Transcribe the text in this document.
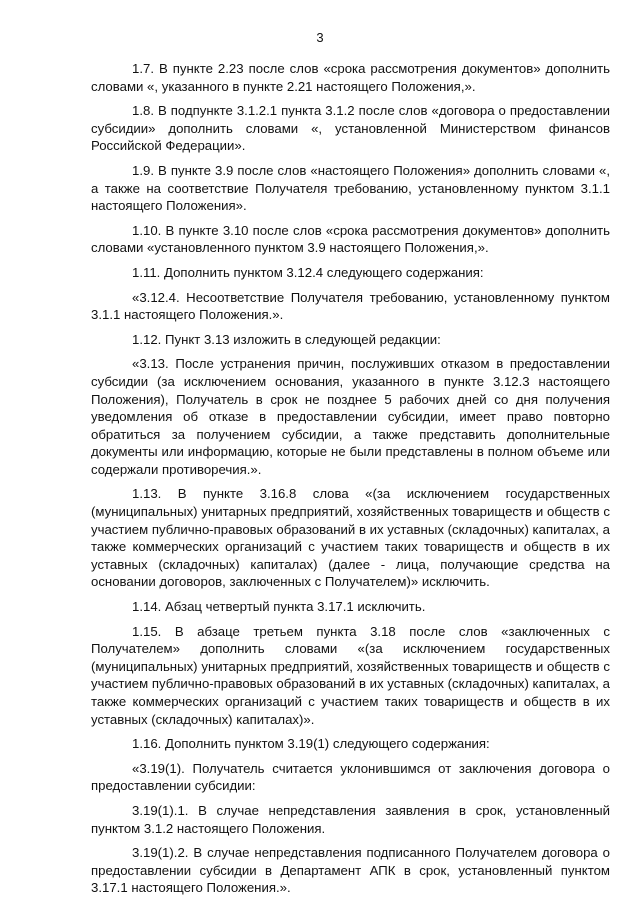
3

1.7. В пункте 2.23 после слов «срока рассмотрения документов» дополнить словами «, указанного в пункте 2.21 настоящего Положения,».

1.8. В подпункте 3.1.2.1 пункта 3.1.2 после слов «договора о предоставлении субсидии» дополнить словами «, установленной Министерством финансов Российской Федерации».

1.9. В пункте 3.9 после слов «настоящего Положения» дополнить словами «, а также на соответствие Получателя требованию, установленному пунктом 3.1.1 настоящего Положения».

1.10. В пункте 3.10 после слов «срока рассмотрения документов» дополнить словами «установленного пунктом 3.9 настоящего Положения,».

1.11. Дополнить пунктом 3.12.4 следующего содержания:

«3.12.4. Несоответствие Получателя требованию, установленному пунктом 3.1.1 настоящего Положения.».

1.12. Пункт 3.13 изложить в следующей редакции:

«3.13. После устранения причин, послуживших отказом в предоставлении субсидии (за исключением основания, указанного в пункте 3.12.3 настоящего Положения), Получатель в срок не позднее 5 рабочих дней со дня получения уведомления об отказе в предоставлении субсидии, имеет право повторно обратиться за получением субсидии, а также представить дополнительные документы или информацию, которые не были представлены в полном объеме или содержали противоречия.».

1.13. В пункте 3.16.8 слова «(за исключением государственных (муниципальных) унитарных предприятий, хозяйственных товариществ и обществ с участием публично-правовых образований в их уставных (складочных) капиталах, а также коммерческих организаций с участием таких товариществ и обществ в их уставных (складочных) капиталах) (далее - лица, получающие средства на основании договоров, заключенных с Получателем)» исключить.

1.14. Абзац четвертый пункта 3.17.1 исключить.

1.15. В абзаце третьем пункта 3.18 после слов «заключенных с Получателем» дополнить словами «(за исключением государственных (муниципальных) унитарных предприятий, хозяйственных товариществ и обществ с участием публично-правовых образований в их уставных (складочных) капиталах, а также коммерческих организаций с участием таких товариществ и обществ в их уставных (складочных) капиталах)».

1.16. Дополнить пунктом 3.19(1) следующего содержания:

«3.19(1). Получатель считается уклонившимся от заключения договора о предоставлении субсидии:

3.19(1).1. В случае непредставления заявления в срок, установленный пунктом 3.1.2 настоящего Положения.

3.19(1).2. В случае непредставления подписанного Получателем договора о предоставлении субсидии в Департамент АПК в срок, установленный пунктом 3.17.1 настоящего Положения.».
